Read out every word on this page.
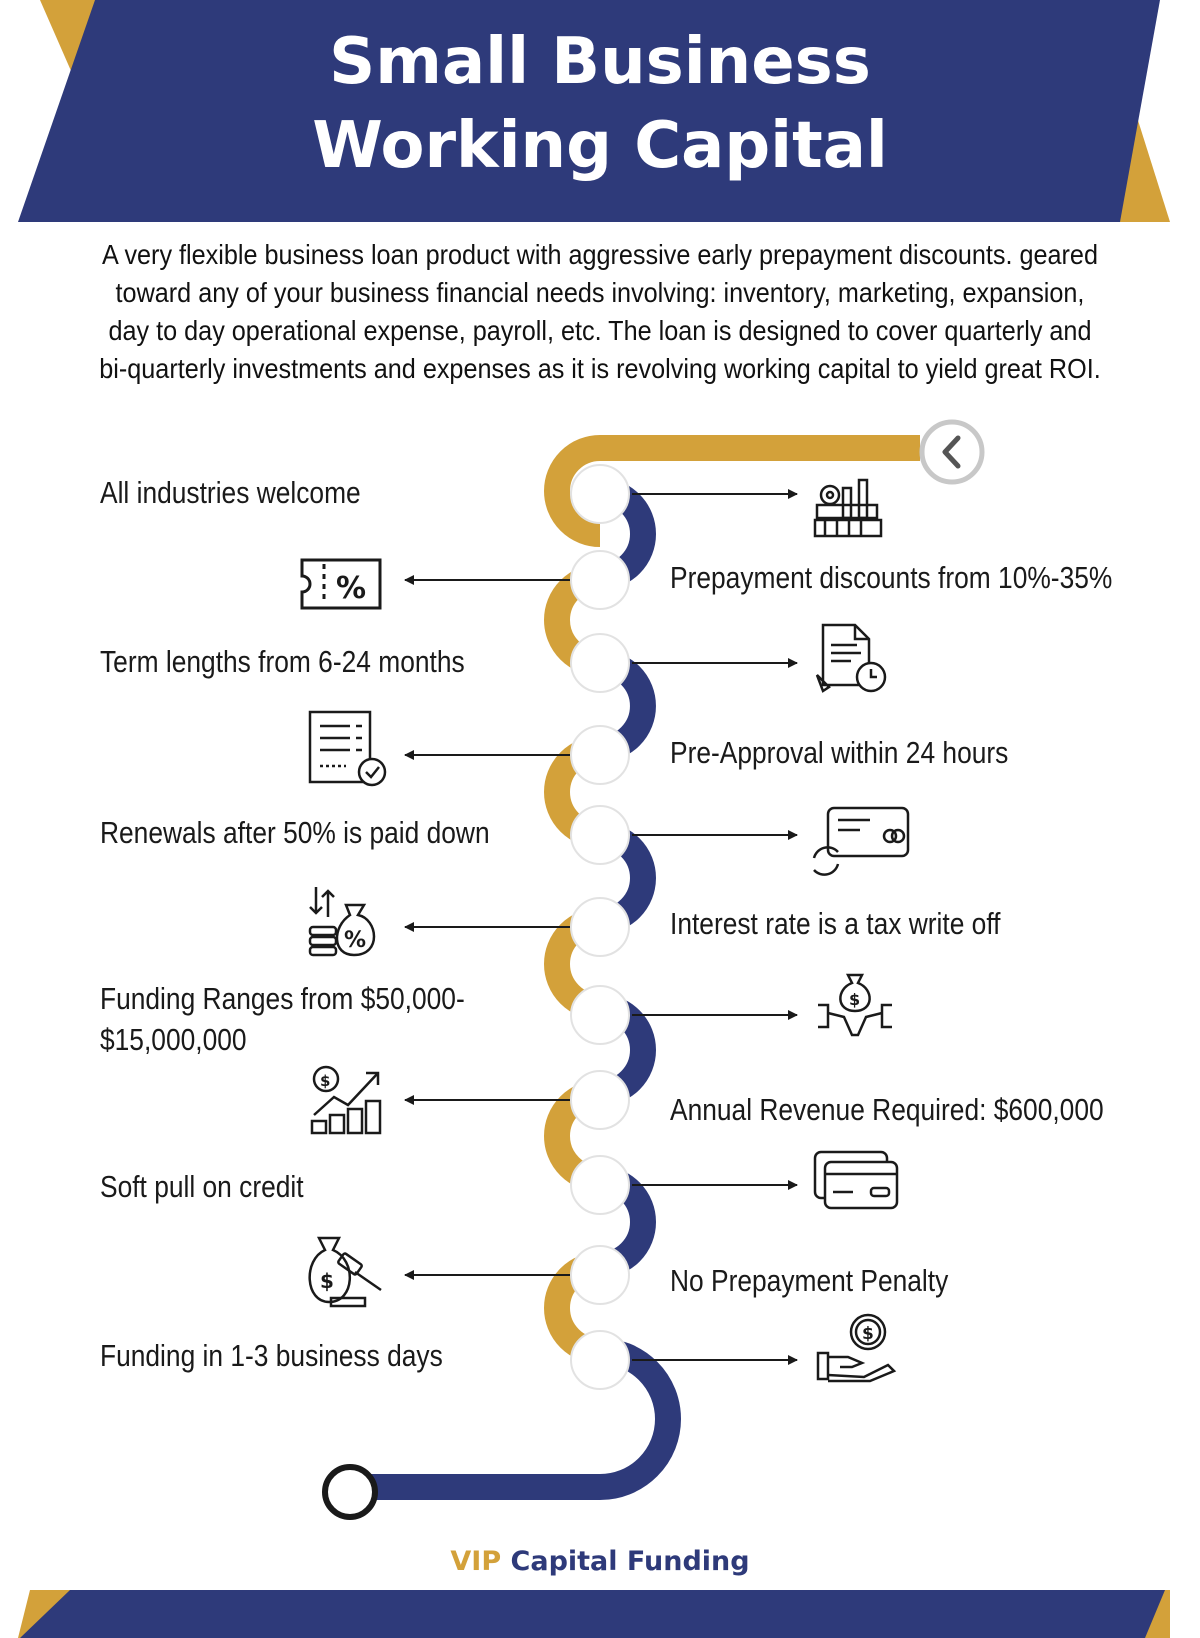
Small Business
Working Capital

A very flexible business loan product with aggressive early prepayment discounts. geared toward any of your business financial needs involving: inventory, marketing, expansion, day to day operational expense, payroll, etc. The loan is designed to cover quarterly and bi-quarterly investments and expenses as it is revolving working capital to yield great ROI.

$
$
%
%
$
$

All industries welcome

Term lengths from 6-24 months

Renewals after 50% is paid down

Funding Ranges from $50,000-

$15,000,000

Soft pull on credit

Funding in 1-3 business days

Prepayment discounts from 10%-35%

Pre-Approval within 24 hours

Interest rate is a tax write off

Annual Revenue Required: $600,000

No Prepayment Penalty

VIP Capital Funding
